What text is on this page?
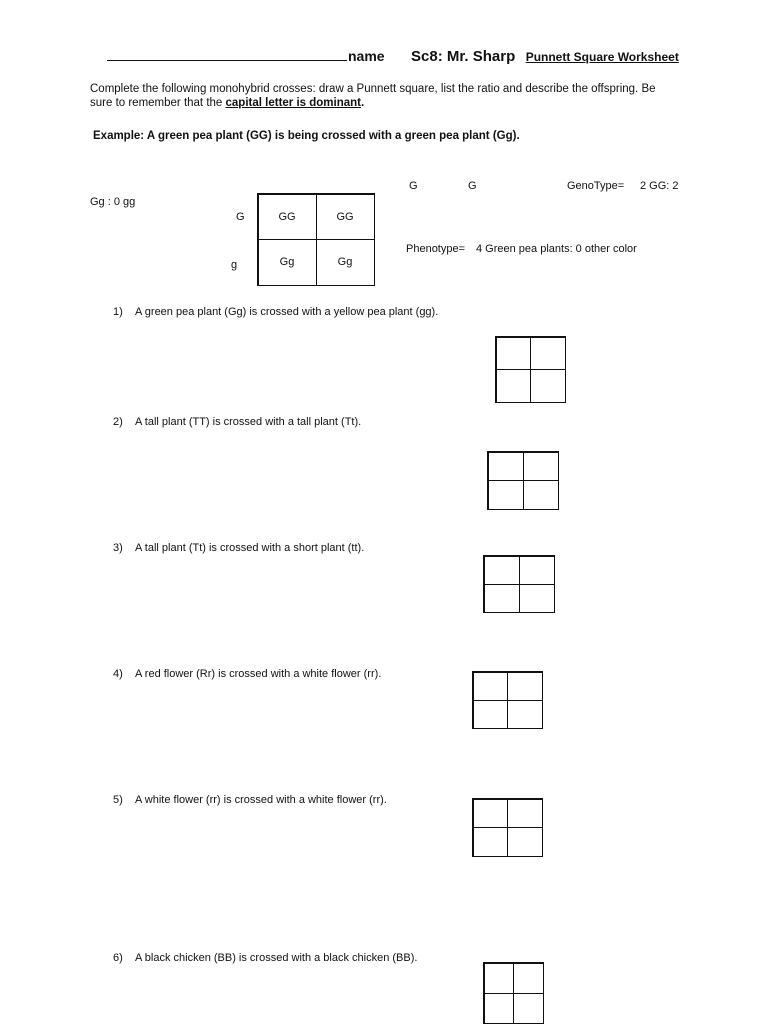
name Sc8: Mr. Sharp Punnett Square Worksheet
Complete the following monohybrid crosses: draw a Punnett square, list the ratio and describe the offspring. Be sure to remember that the capital letter is dominant.
Example: A green pea plant (GG) is being crossed with a green pea plant (Gg).
G	G	GenoType= 2 GG: 2
Gg : 0 gg
G
g
GG	GG
Gg	Gg
Phenotype= 4 Green pea plants: 0 other color
1) A green pea plant (Gg) is crossed with a yellow pea plant (gg).
2) A tall plant (TT) is crossed with a tall plant (Tt).
3) A tall plant (Tt) is crossed with a short plant (tt).
4) A red flower (Rr) is crossed with a white flower (rr).
5) A white flower (rr) is crossed with a white flower (rr).
6) A black chicken (BB) is crossed with a black chicken (BB).
